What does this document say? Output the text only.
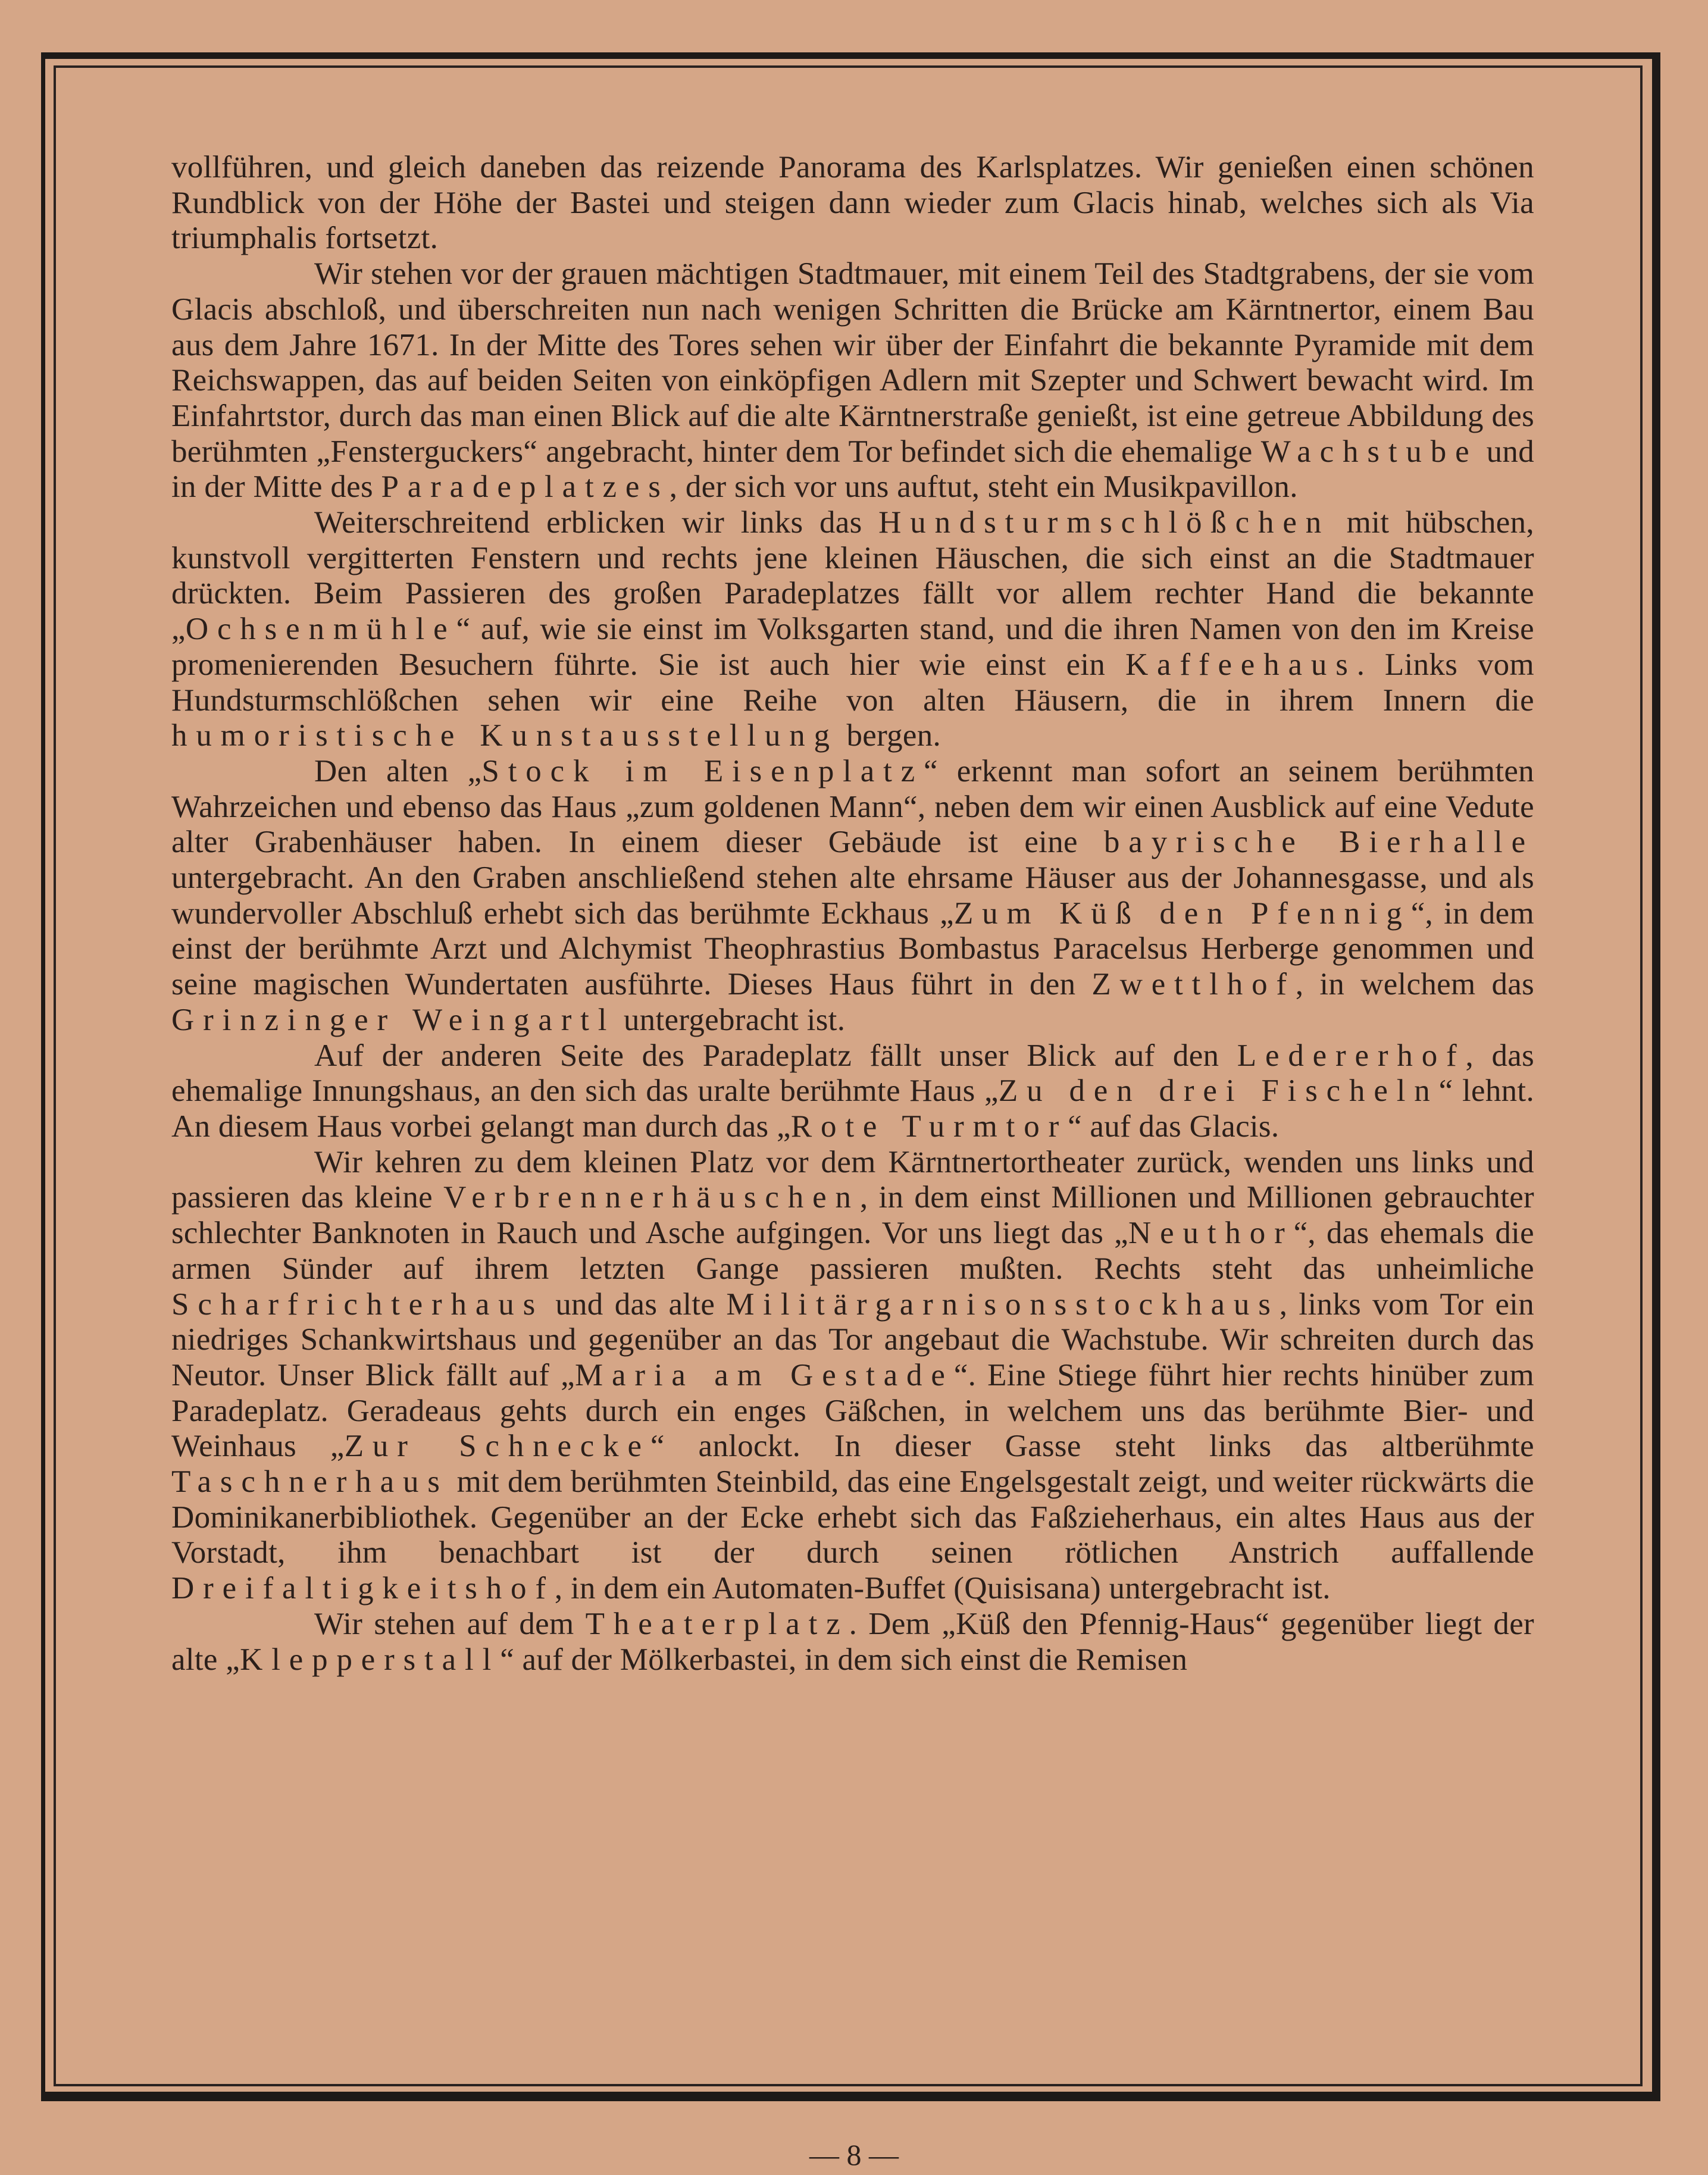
vollführen, und gleich daneben das reizende Panorama des Karlsplatzes. Wir genießen einen schönen Rundblick von der Höhe der Bastei und steigen dann wieder zum Glacis hinab, welches sich als Via triumphalis fortsetzt.

Wir stehen vor der grauen mächtigen Stadtmauer, mit einem Teil des Stadtgrabens, der sie vom Glacis abschloß, und überschreiten nun nach wenigen Schritten die Brücke am Kärntnertor, einem Bau aus dem Jahre 1671. In der Mitte des Tores sehen wir über der Einfahrt die bekannte Pyramide mit dem Reichswappen, das auf beiden Seiten von einköpfigen Adlern mit Szepter und Schwert bewacht wird. Im Einfahrtstor, durch das man einen Blick auf die alte Kärntnerstraße genießt, ist eine getreue Abbildung des berühmten „Fensterguckers“ angebracht, hinter dem Tor befindet sich die ehemalige Wachstube und in der Mitte des Paradeplatzes, der sich vor uns auftut, steht ein Musikpavillon.

Weiterschreitend erblicken wir links das Hundsturmschlößchen mit hübschen, kunstvoll vergitterten Fenstern und rechts jene kleinen Häuschen, die sich einst an die Stadtmauer drückten. Beim Passieren des großen Paradeplatzes fällt vor allem rechter Hand die bekannte „Ochsenmühle“ auf, wie sie einst im Volksgarten stand, und die ihren Namen von den im Kreise promenierenden Besuchern führte. Sie ist auch hier wie einst ein Kaffeehaus. Links vom Hundsturmschlößchen sehen wir eine Reihe von alten Häusern, die in ihrem Innern die humoristische Kunstausstellung bergen.

Den alten „Stock im Eisenplatz“ erkennt man sofort an seinem berühmten Wahrzeichen und ebenso das Haus „zum goldenen Mann“, neben dem wir einen Ausblick auf eine Vedute alter Grabenhäuser haben. In einem dieser Gebäude ist eine bayrische Bierhalle untergebracht. An den Graben anschließend stehen alte ehrsame Häuser aus der Johannesgasse, und als wundervoller Abschluß erhebt sich das berühmte Eckhaus „Zum Küß den Pfennig“, in dem einst der berühmte Arzt und Alchymist Theophrastius Bombastus Paracelsus Herberge genommen und seine magischen Wundertaten ausführte. Dieses Haus führt in den Zwettlhof, in welchem das Grinzinger Weingartl untergebracht ist.

Auf der anderen Seite des Paradeplatz fällt unser Blick auf den Ledererhof, das ehemalige Innungshaus, an den sich das uralte berühmte Haus „Zu den drei Fischeln“ lehnt. An diesem Haus vorbei gelangt man durch das „Rote Turmtor“ auf das Glacis.

Wir kehren zu dem kleinen Platz vor dem Kärntnertortheater zurück, wenden uns links und passieren das kleine Verbrennerhäuschen, in dem einst Millionen und Millionen gebrauchter schlechter Banknoten in Rauch und Asche aufgingen. Vor uns liegt das „Neuthor“, das ehemals die armen Sünder auf ihrem letzten Gange passieren mußten. Rechts steht das unheimliche Scharfrichterhaus und das alte Militärgarnisonsstockhaus, links vom Tor ein niedriges Schankwirtshaus und gegenüber an das Tor angebaut die Wachstube. Wir schreiten durch das Neutor. Unser Blick fällt auf „Maria am Gestade“. Eine Stiege führt hier rechts hinüber zum Paradeplatz. Geradeaus gehts durch ein enges Gäßchen, in welchem uns das berühmte Bier- und Weinhaus „Zur Schnecke“ anlockt. In dieser Gasse steht links das altberühmte Taschnerhaus mit dem berühmten Steinbild, das eine Engelsgestalt zeigt, und weiter rückwärts die Dominikanerbibliothek. Gegenüber an der Ecke erhebt sich das Faßzieherhaus, ein altes Haus aus der Vorstadt, ihm benachbart ist der durch seinen rötlichen Anstrich auffallende Dreifaltigkeitshof, in dem ein Automaten-Buffet (Quisisana) untergebracht ist.

Wir stehen auf dem Theaterplatz. Dem „Küß den Pfennig-Haus“ gegenüber liegt der alte „Klepperstall“ auf der Mölkerbastei, in dem sich einst die Remisen

— 8 —
